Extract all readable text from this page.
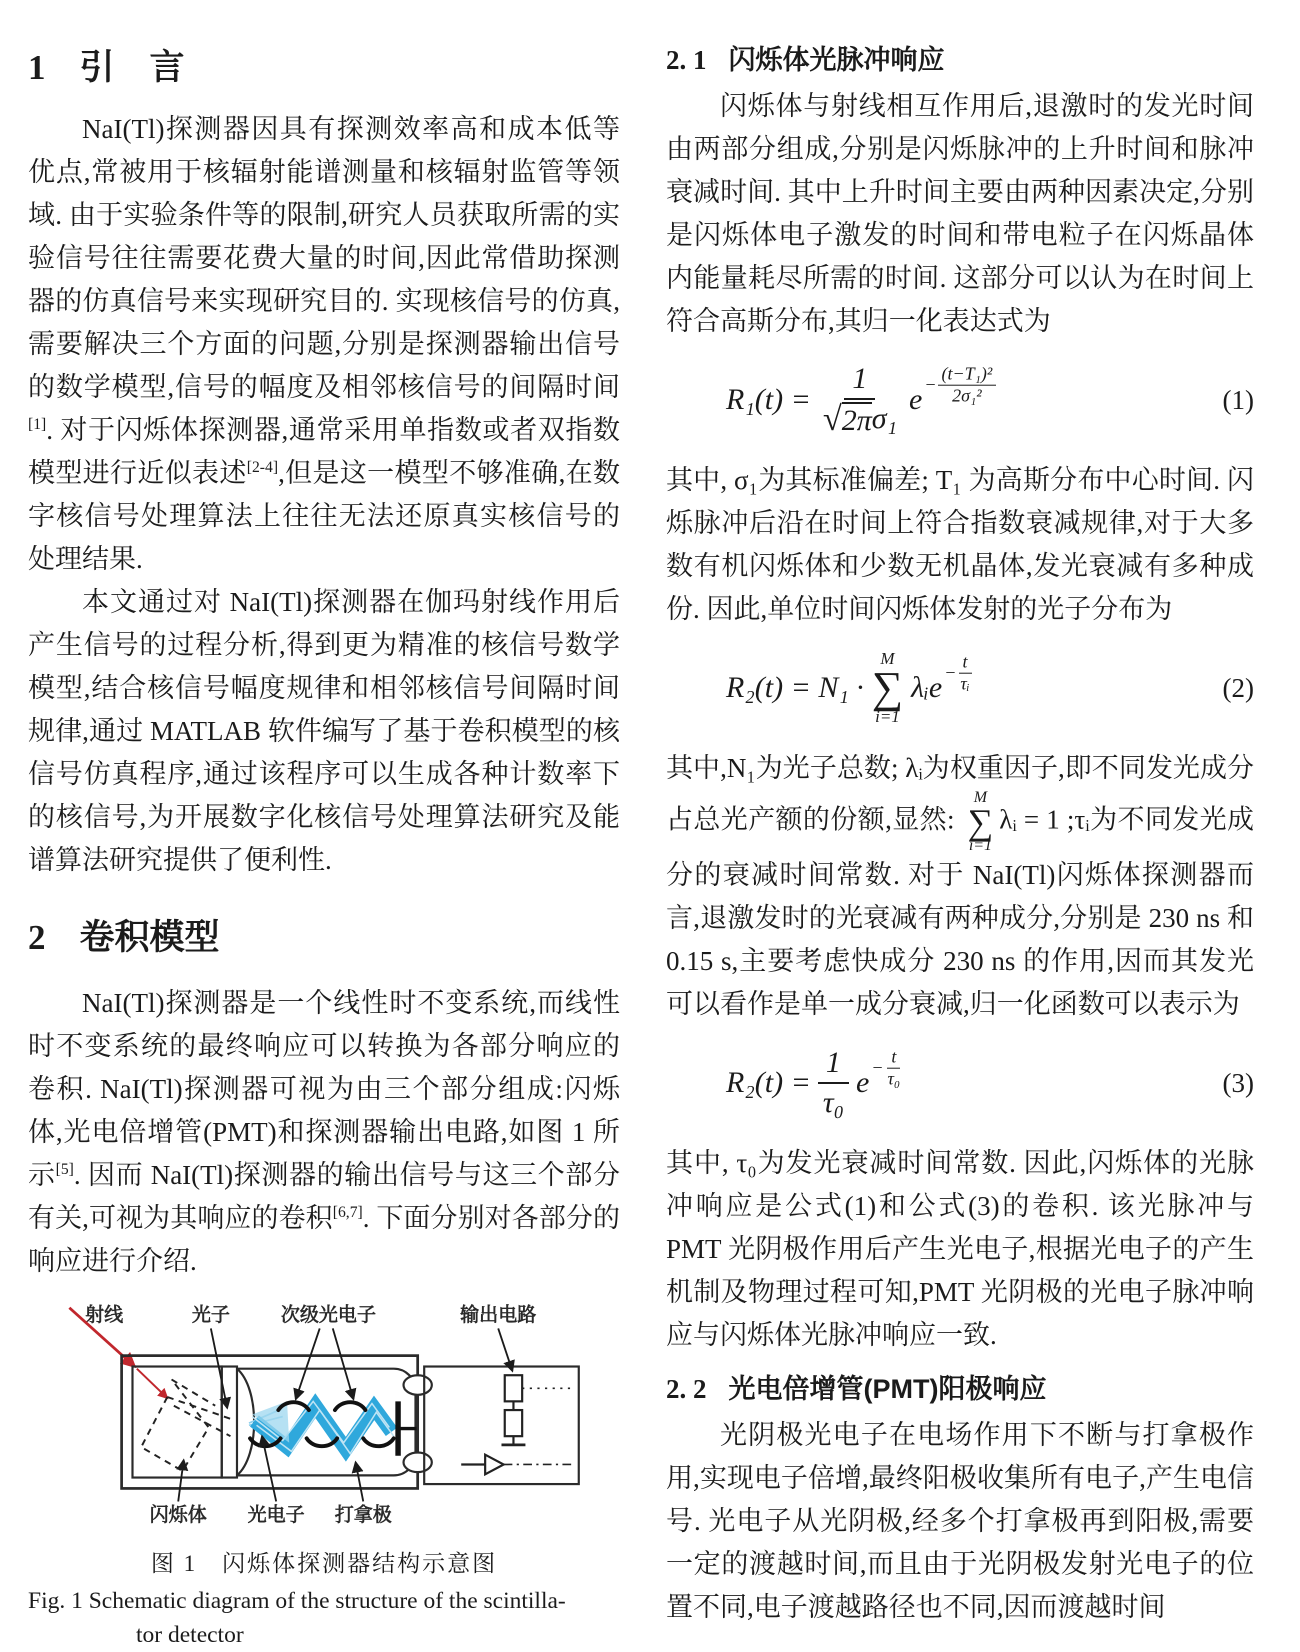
1 引　言

NaI(Tl)探测器因具有探测效率高和成本低等优点,常被用于核辐射能谱测量和核辐射监管等领域. 由于实验条件等的限制,研究人员获取所需的实验信号往往需要花费大量的时间,因此常借助探测器的仿真信号来实现研究目的. 实现核信号的仿真,需要解决三个方面的问题,分别是探测器输出信号的数学模型,信号的幅度及相邻核信号的间隔时间[1]. 对于闪烁体探测器,通常采用单指数或者双指数模型进行近似表述[2-4],但是这一模型不够准确,在数字核信号处理算法上往往无法还原真实核信号的处理结果.

本文通过对 NaI(Tl)探测器在伽玛射线作用后产生信号的过程分析,得到更为精准的核信号数学模型,结合核信号幅度规律和相邻核信号间隔时间规律,通过 MATLAB 软件编写了基于卷积模型的核信号仿真程序,通过该程序可以生成各种计数率下的核信号,为开展数字化核信号处理算法研究及能谱算法研究提供了便利性.

2 卷积模型

NaI(Tl)探测器是一个线性时不变系统,而线性时不变系统的最终响应可以转换为各部分响应的卷积. NaI(Tl)探测器可视为由三个部分组成:闪烁体,光电倍增管(PMT)和探测器输出电路,如图 1 所示[5]. 因而 NaI(Tl)探测器的输出信号与这三个部分有关,可视为其响应的卷积[6,7]. 下面分别对各部分的响应进行介绍.

射线	光子	次级光电子	输出电路
闪烁体 光电子 打拿极
图 1　闪烁体探测器结构示意图
Fig. 1 Schematic diagram of the structure of the scintilla-
tor detector
2. 1 闪烁体光脉冲响应

闪烁体与射线相互作用后,退激时的发光时间由两部分组成,分别是闪烁脉冲的上升时间和脉冲衰减时间. 其中上升时间主要由两种因素决定,分别是闪烁体电子激发的时间和带电粒子在闪烁晶体内能量耗尽所需的时间. 这部分可以认为在时间上符合高斯分布,其归一化表达式为

$R_1(t) = \frac{1}{\text{√ 2π σ₁}}$ $e - \frac{\text{(t−T₁)²}}{\text{2σ₁²}}$	(1)

其中, σ₁为其标准偏差; T₁ 为高斯分布中心时间. 闪烁脉冲后沿在时间上符合指数衰减规律,对于大多数有机闪烁体和少数无机晶体,发光衰减有多种成份. 因此,单位时间闪烁体发射的光子分布为

R₂(t) = N₁ ·
M
∑
i=1
λᵢe − $\frac{t}{\text{τᵢ}}$	(2)

其中,N₁为光子总数; λᵢ为权重因子,即不同发光成分占总光产额的份额,显然:
M
∑
i=1
λᵢ = 1 ;τᵢ为不同发光成分的衰减时间常数. 对于 NaI(Tl)闪烁体探测器而言,退激发时的光衰减有两种成分,分别是 230 ns 和 0.15 s,主要考虑快成分 230 ns 的作用,因而其发光可以看作是单一成分衰减,归一化函数可以表示为

$R_2(t) = \frac{1}{\text{τ₀}}$ $e - \frac{t}{\text{τ₀}}$	(3)

其中, τ₀为发光衰减时间常数. 因此,闪烁体的光脉冲响应是公式(1)和公式(3)的卷积. 该光脉冲与 PMT 光阴极作用后产生光电子,根据光电子的产生机制及物理过程可知,PMT 光阴极的光电子脉冲响应与闪烁体光脉冲响应一致.

2. 2 光电倍增管(PMT)阳极响应

光阴极光电子在电场作用下不断与打拿极作用,实现电子倍增,最终阳极收集所有电子,产生电信号. 光电子从光阴极,经多个打拿极再到阳极,需要一定的渡越时间,而且由于光阴极发射光电子的位置不同,电子渡越路径也不同,因而渡越时间
